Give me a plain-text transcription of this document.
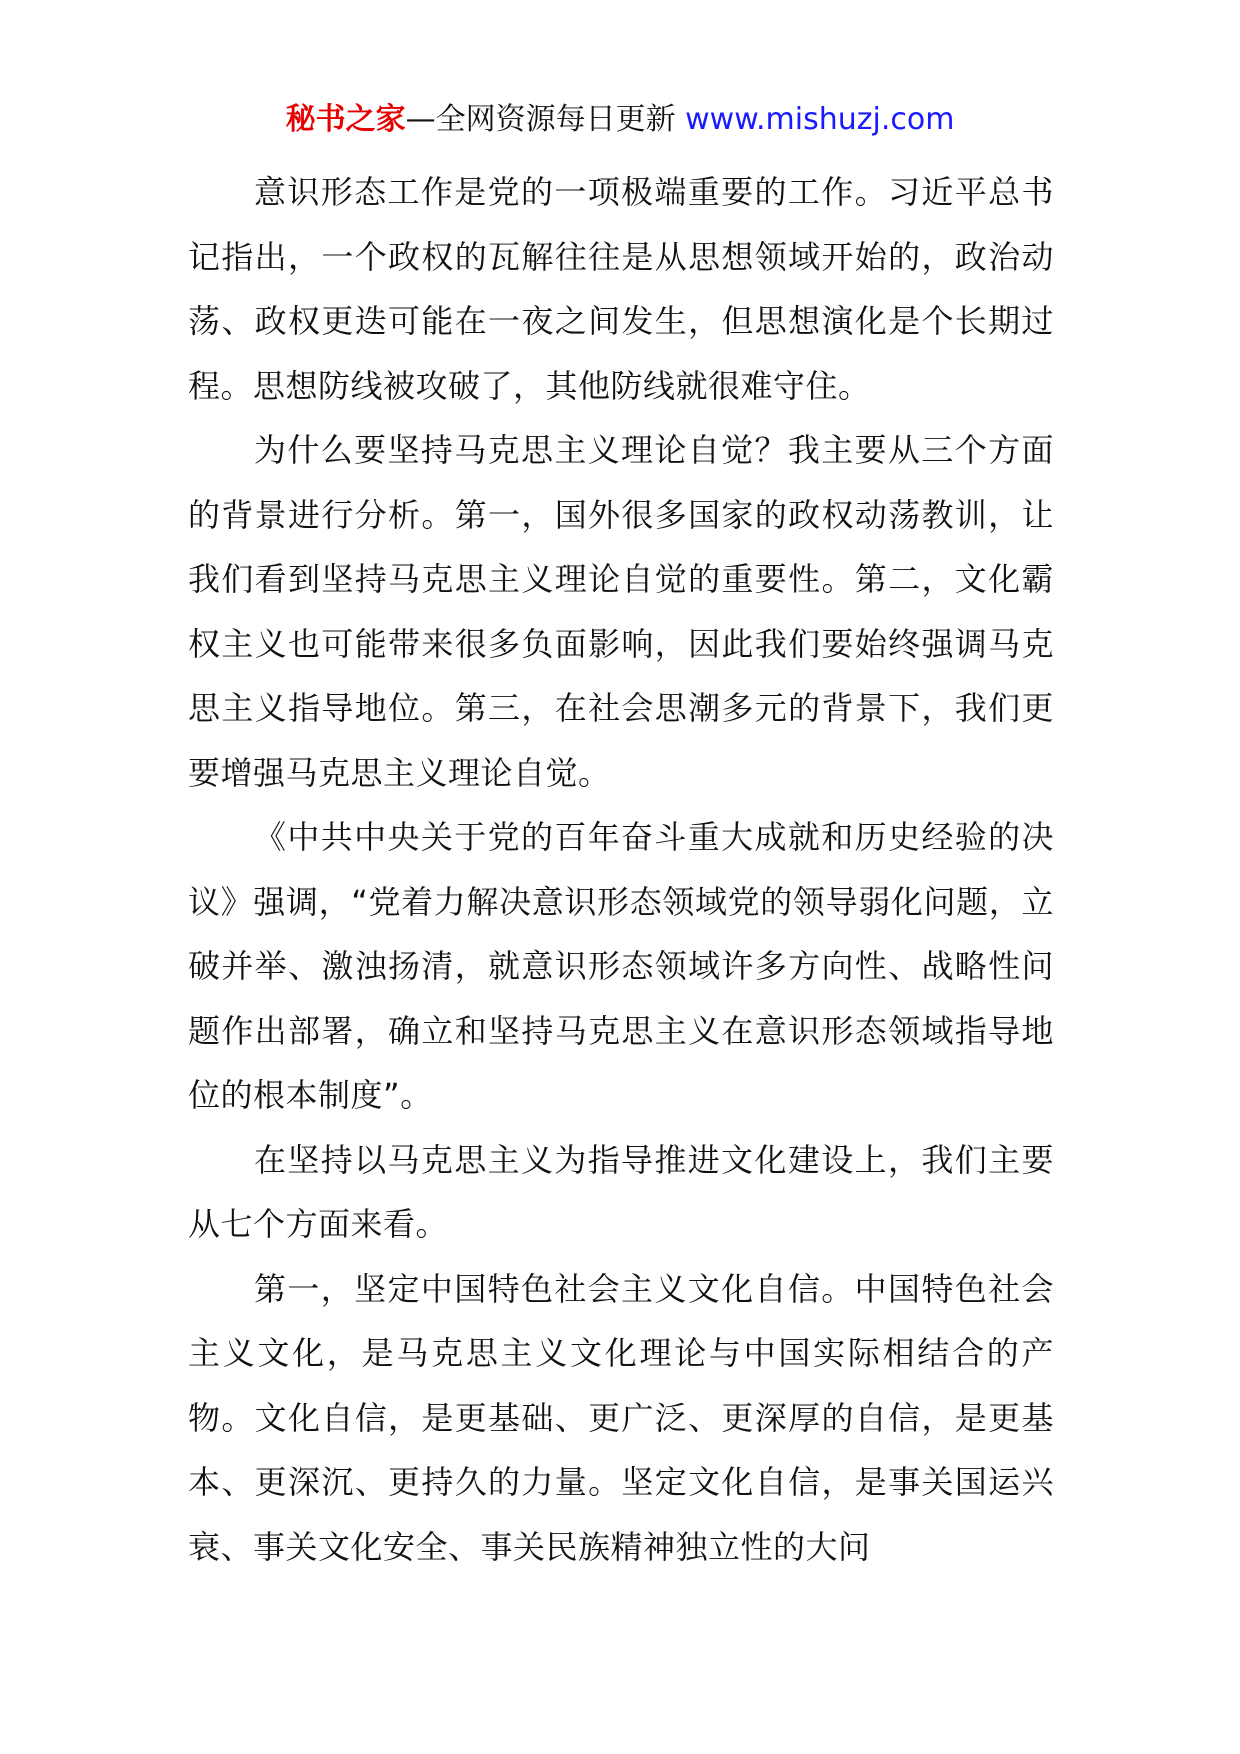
秘书之家—全网资源每日更新 www.mishuzj.com

意识形态工作是党的一项极端重要的工作。习近平总书记指出，一个政权的瓦解往往是从思想领域开始的，政治动荡、政权更迭可能在一夜之间发生，但思想演化是个长期过程。思想防线被攻破了，其他防线就很难守住。

为什么要坚持马克思主义理论自觉？我主要从三个方面的背景进行分析。第一，国外很多国家的政权动荡教训，让我们看到坚持马克思主义理论自觉的重要性。第二，文化霸权主义也可能带来很多负面影响，因此我们要始终强调马克思主义指导地位。第三，在社会思潮多元的背景下，我们更要增强马克思主义理论自觉。

《中共中央关于党的百年奋斗重大成就和历史经验的决议》强调，“党着力解决意识形态领域党的领导弱化问题，立破并举、激浊扬清，就意识形态领域许多方向性、战略性问题作出部署，确立和坚持马克思主义在意识形态领域指导地位的根本制度”。

在坚持以马克思主义为指导推进文化建设上，我们主要从七个方面来看。

第一，坚定中国特色社会主义文化自信。中国特色社会主义文化，是马克思主义文化理论与中国实际相结合的产物。文化自信，是更基础、更广泛、更深厚的自信，是更基本、更深沉、更持久的力量。坚定文化自信，是事关国运兴衰、事关文化安全、事关民族精神独立性的大问
